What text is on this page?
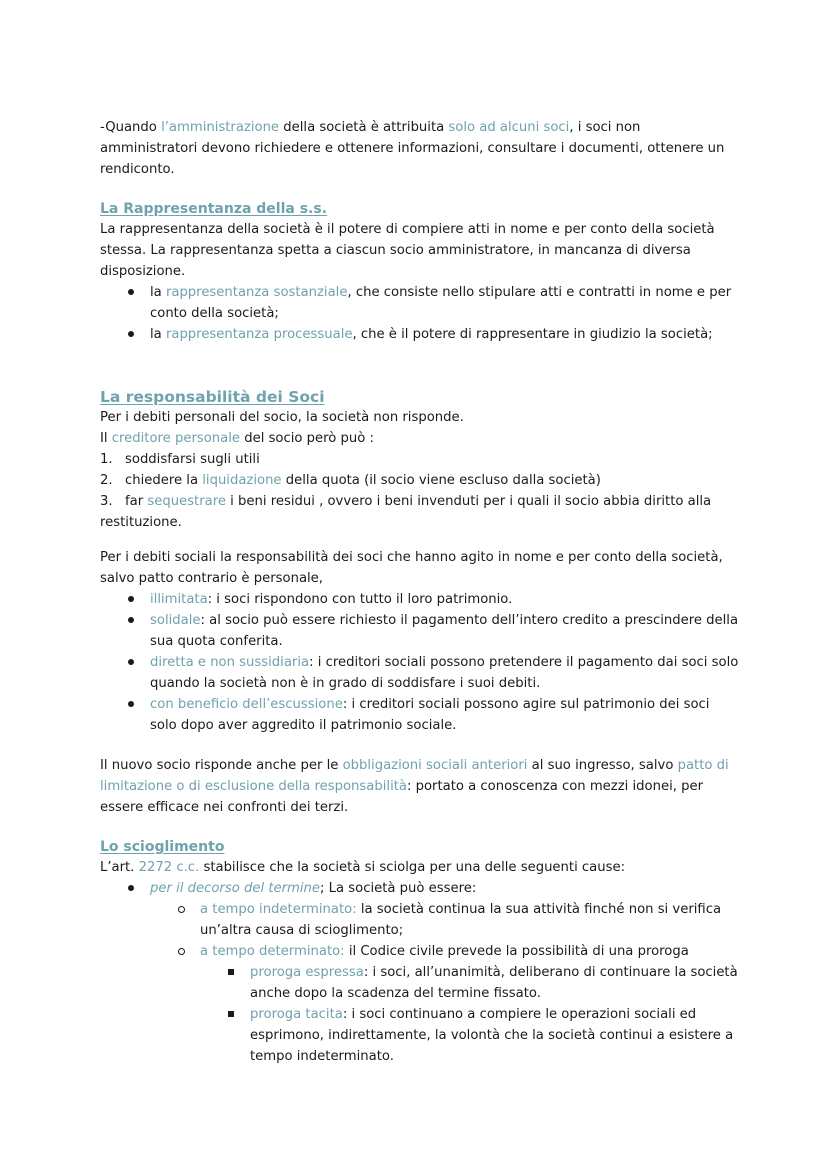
-Quando l’amministrazione della società è attribuita solo ad alcuni soci, i soci non amministratori devono richiedere e ottenere informazioni, consultare i documenti, ottenere un rendiconto.

La Rappresentanza della s.s.

La rappresentanza della società è il potere di compiere atti in nome e per conto della società stessa. La rappresentanza spetta a ciascun socio amministratore, in mancanza di diversa disposizione.

la rappresentanza sostanziale, che consiste nello stipulare atti e contratti in nome e per conto della società;

la rappresentanza processuale, che è il potere di rappresentare in giudizio la società;

La responsabilità dei Soci

Per i debiti personali del socio, la società non risponde.

Il creditore personale del socio però può :

1. soddisfarsi sugli utili

2. chiedere la liquidazione della quota (il socio viene escluso dalla società)

3. far sequestrare i beni residui , ovvero i beni invenduti per i quali il socio abbia diritto alla restituzione.

Per i debiti sociali la responsabilità dei soci che hanno agito in nome e per conto della società, salvo patto contrario è personale,

illimitata: i soci rispondono con tutto il loro patrimonio.

solidale: al socio può essere richiesto il pagamento dell’intero credito a prescindere della sua quota conferita.

diretta e non sussidiaria: i creditori sociali possono pretendere il pagamento dai soci solo quando la società non è in grado di soddisfare i suoi debiti.

con beneficio dell’escussione: i creditori sociali possono agire sul patrimonio dei soci solo dopo aver aggredito il patrimonio sociale.

Il nuovo socio risponde anche per le obbligazioni sociali anteriori al suo ingresso, salvo patto di limitazione o di esclusione della responsabilità: portato a conoscenza con mezzi idonei, per essere efficace nei confronti dei terzi.

Lo scioglimento

L’art. 2272 c.c. stabilisce che la società si sciolga per una delle seguenti cause:

per il decorso del termine; La società può essere:

a tempo indeterminato: la società continua la sua attività finché non si verifica un’altra causa di scioglimento;

a tempo determinato: il Codice civile prevede la possibilità di una proroga

proroga espressa: i soci, all’unanimità, deliberano di continuare la società anche dopo la scadenza del termine fissato.

proroga tacita: i soci continuano a compiere le operazioni sociali ed esprimono, indirettamente, la volontà che la società continui a esistere a tempo indeterminato.
